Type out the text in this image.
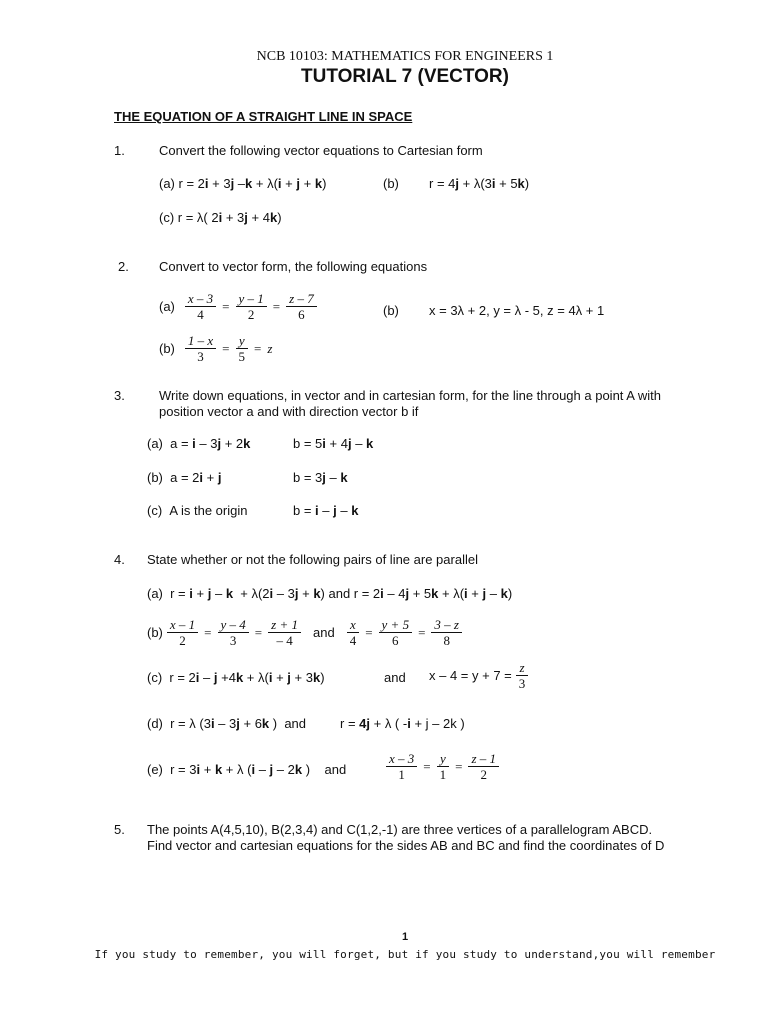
NCB 10103: MATHEMATICS FOR ENGINEERS 1
TUTORIAL 7 (VECTOR)
THE EQUATION OF A STRAIGHT LINE IN SPACE
1.	Convert the following vector equations to Cartesian form
(a) r = 2i + 3j –k + λ(i + j + k)	(b) r = 4j + λ(3i + 5k)
(c) r = λ( 2i + 3j + 4k)
2. Convert to vector form, the following equations
$(a) \frac{x - 3}{4} = \frac{y - 1}{2} = \frac{z - 7}{6}$	(b) x = 3λ + 2, y = λ - 5, z = 4λ + 1
$(b) \frac{1 - x}{3} = \frac{y}{5} = z$
3.	Write down equations, in vector and in cartesian form, for the line through a point A with
position vector a and with direction vector b if
(a)  a = i – 3j + 2k	b = 5i + 4j – k
(b)  a = 2i + j	b = 3j – k
(c) A is the origin	b = i – j – k
4. State whether or not the following pairs of line are parallel
(a)  r = i + j – k  + λ(2i – 3j + k) and r = 2i – 4j + 5k + λ(i + j – k)
$(b) \frac{x - 1}{2} = \frac{y - 4}{3} = \frac{z + 1}{- 4}$ and $\frac{x}{4} = \frac{y + 5}{6} = \frac{3 - z}{8}$
(c)  r = 2i – j +4k + λ(i + j + 3k)	and $x - 4 = y + 7 = \frac{z}{3}$
(d)  r = λ (3i – 3j + 6k )  and	r = 4j + λ ( -i + j – 2k )
(e)  r = 3i + k + λ (i – j – 2k )    and	$\frac{x - 3}{1} = \frac{y}{1} = \frac{z - 1}{2}$
5. The points A(4,5,10), B(2,3,4) and C(1,2,-1) are three vertices of a parallelogram ABCD.
Find vector and cartesian equations for the sides AB and BC and find the coordinates of D
1
If you study to remember, you will forget, but if you study to understand,you will remember
